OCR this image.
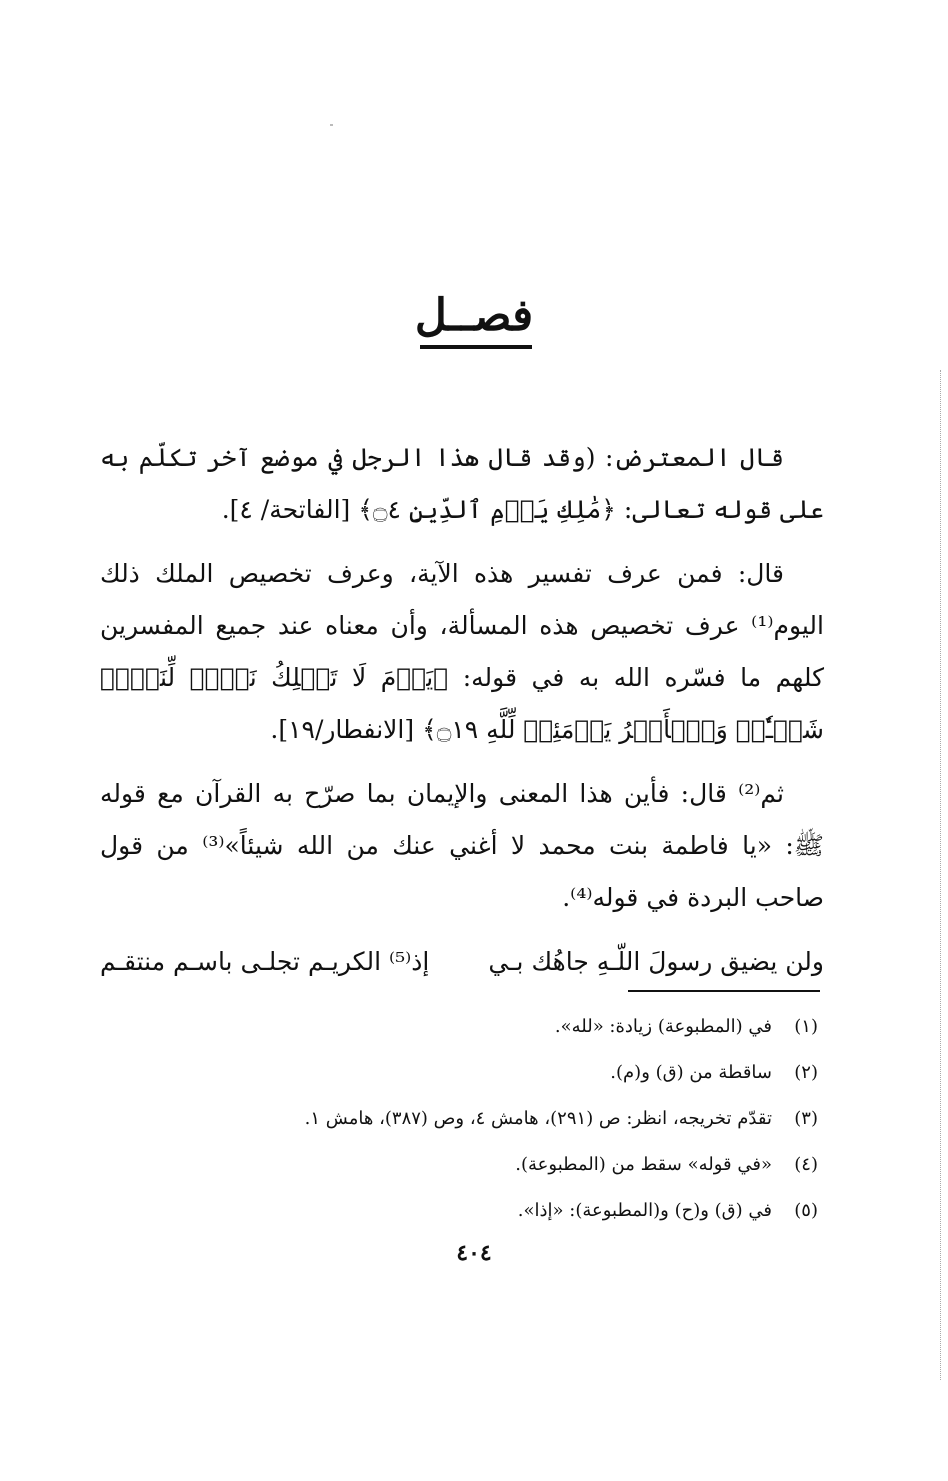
فصــل

قال المعترض: (وقد قال هذا الرجل في موضع آخر تكلّم به على قوله تعالى: ﴿مَٰلِكِ يَوۡمِ ٱلدِّينِ ۝٤﴾ [الفاتحة/ ٤].

قال: فمن عرف تفسير هذه الآية، وعرف تخصيص الملك ذلك اليوم⁽¹⁾ عرف تخصيص هذه المسألة، وأن معناه عند جميع المفسرين كلهم ما فسّره الله به في قوله: ﴿يَوۡمَ لَا تَمۡلِكُ نَفۡسٞ لِّنَفۡسٖ شَيۡـٔٗاۖ وَٱلۡأَمۡرُ يَوۡمَئِذٖ لِّلَّهِ ۝١٩﴾ [الانفطار/١٩].

ثم⁽²⁾ قال: فأين هذا المعنى والإيمان بما صرّح به القرآن مع قوله ﷺ: «يا فاطمة بنت محمد لا أغني عنك من الله شيئاً»⁽³⁾ من قول صاحب البردة في قوله⁽⁴⁾.

ولن يضيق رسولَ اللّـهِ جاهُك بـي
إذ⁽⁵⁾ الكريـم تجلـى باسـم منتقـم
(١)في (المطبوعة) زيادة: «لله».
(٢)ساقطة من (ق) و(م).
(٣)تقدّم تخريجه، انظر: ص (٢٩١)، هامش ٤، وص (٣٨٧)، هامش ١.
(٤)«في قوله» سقط من (المطبوعة).
(٥)في (ق) و(ح) و(المطبوعة): «إذا».
٤٠٤
